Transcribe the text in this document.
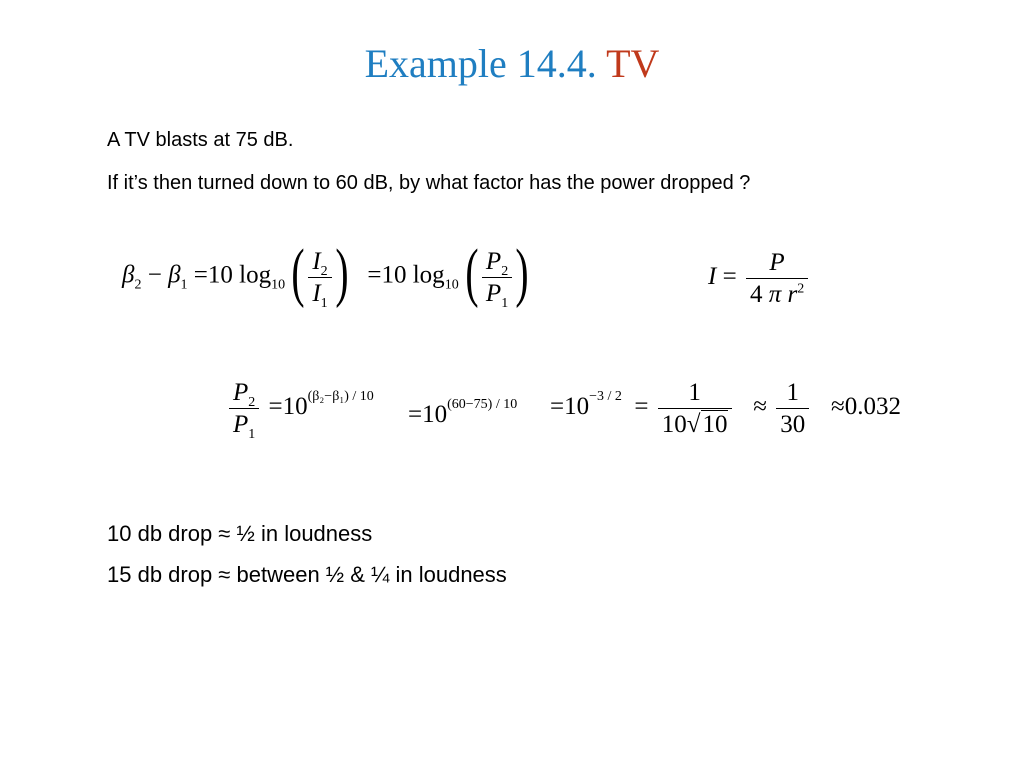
Example 14.4. TV
A TV blasts at 75 dB.
If it’s then turned down to 60 dB, by what factor has the power dropped ?
$\beta_2 - \beta_1 =10$ $\log_{10}$ ( $\frac{I_2}{I_1}$ ) =10 $\log_{10}$ ( $\frac{P_2}{P_1}$ )	$I = \frac{P}{4 \pi r^2}$
$\frac{P_2}{P_1} =10^{(\beta_2-\beta_1) / 10}$
$=10^{(60-75) / 10} =10^{-3 / 2} = \frac{1}{10√10} \approx \frac{1}{30} \approx 0.032$
10 db drop ≈ ½ in loudness
15 db drop ≈ between ½ & ¼ in loudness
